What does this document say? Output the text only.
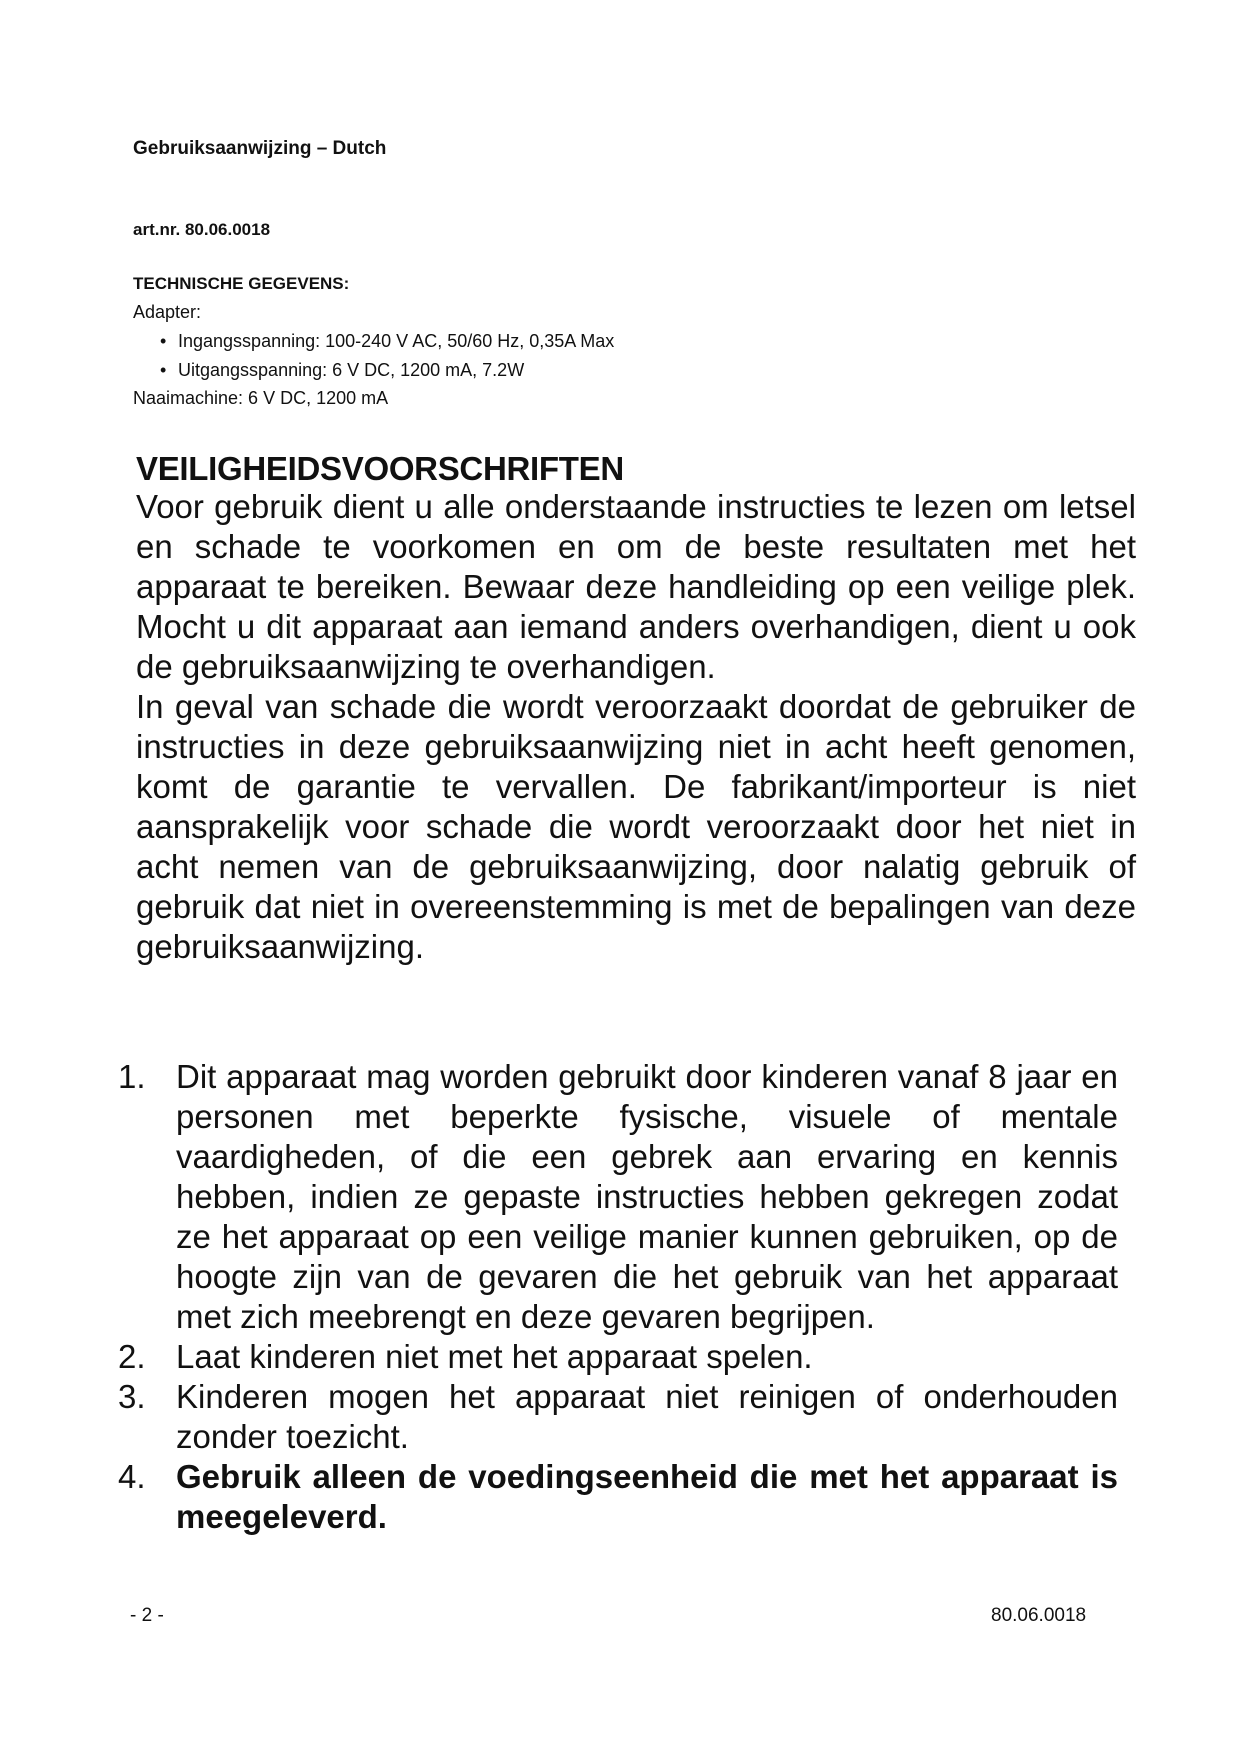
Gebruiksaanwijzing – Dutch
art.nr. 80.06.0018
TECHNISCHE GEGEVENS:
Adapter:
• Ingangsspanning: 100-240 V AC, 50/60 Hz, 0,35A Max
• Uitgangsspanning: 6 V DC, 1200 mA, 7.2W
Naaimachine: 6 V DC, 1200 mA
VEILIGHEIDSVOORSCHRIFTEN

Voor gebruik dient u alle onderstaande instructies te lezen om letsel en schade te voorkomen en om de beste resultaten met het apparaat te bereiken. Bewaar deze handleiding op een veilige plek. Mocht u dit apparaat aan iemand anders overhandigen, dient u ook de gebruiksaanwijzing te overhandigen.

In geval van schade die wordt veroorzaakt doordat de gebruiker de instructies in deze gebruiksaanwijzing niet in acht heeft genomen, komt de garantie te vervallen. De fabrikant/importeur is niet aansprakelijk voor schade die wordt veroorzaakt door het niet in acht nemen van de gebruiksaanwijzing, door nalatig gebruik of gebruik dat niet in overeenstemming is met de bepalingen van deze gebruiksaanwijzing.

1. Dit apparaat mag worden gebruikt door kinderen vanaf 8 jaar en personen met beperkte fysische, visuele of mentale vaardigheden, of die een gebrek aan ervaring en kennis hebben, indien ze gepaste instructies hebben gekregen zodat ze het apparaat op een veilige manier kunnen gebruiken, op de hoogte zijn van de gevaren die het gebruik van het apparaat met zich meebrengt en deze gevaren begrijpen.
2. Laat kinderen niet met het apparaat spelen.
3. Kinderen mogen het apparaat niet reinigen of onderhouden zonder toezicht.
4. Gebruik alleen de voedingseenheid die met het apparaat is meegeleverd.
- 2 -	80.06.0018
